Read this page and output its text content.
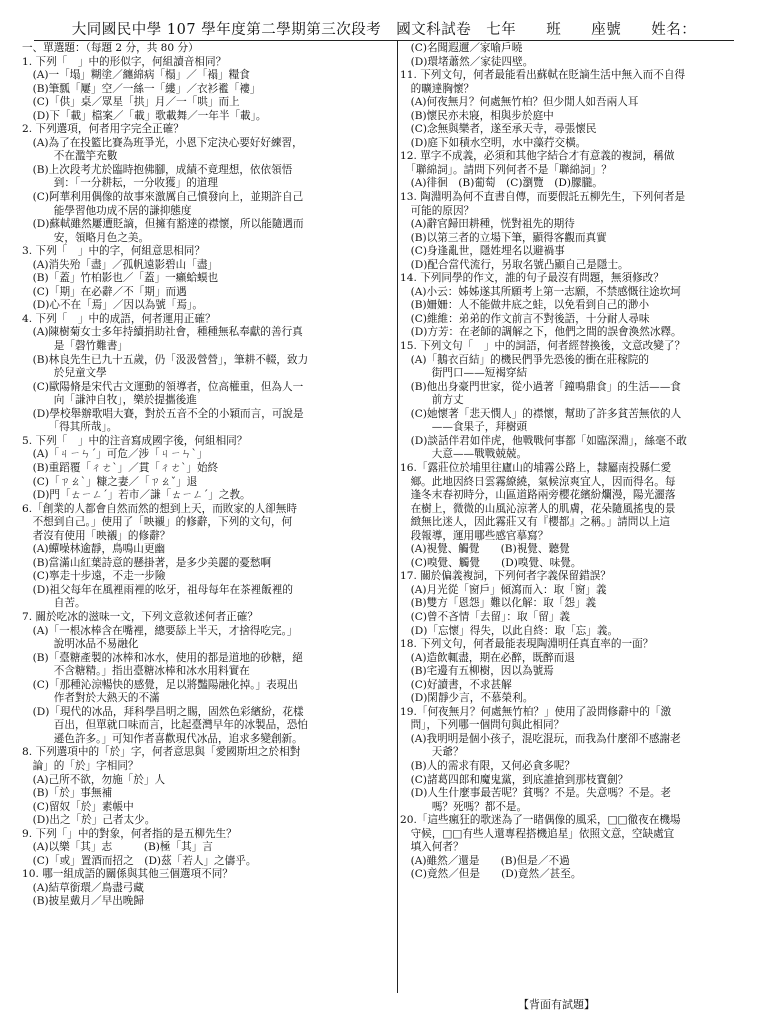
大同國民中學 107 學年度第二學期第三次段考　國文科試卷　七年　　班　　座號　　姓名：
一、單選題：（每題 2 分，共 80 分）
1. 下列「　」中的形似字，何組讀音相同？
　(A)一「塌」糊塗／纏綿病「榻」／「褟」糧食
　(B)筆瓢「屢」空／一絲一「縷」／衣衫襤「褸」
　(C)「供」桌／眾星「拱」月／一「哄」而上
　(D)下「載」檔案／「載」歌載舞／一年半「載」。
2. 下列選項，何者用字完全正確？
　(A)為了在投籃比賽為班爭光，小恩下定決心要好好練習，
　　　不在濫竽充數
　(B)上次段考尤於臨時抱佛腳，成績不竟理想，依依領悟
　　　到：「一分耕耘，一分收獲」的道理
　(C)阿華利用偶像的故事來激厲自己憤發向上，並期許自己
　　　能學習他功成不居的謙抑態度
　(D)蘇軾雖然屢遭貶謫，但擁有豁達的襟懷，所以能隨遇而
　　　安，領略月色之美。
3. 下列「　」中的字，何組意思相同？
　(A)消失殆「盡」／孤帆遠影碧山「盡」
　(B)「蓋」竹柏影也／「蓋」一癩蛤蟆也
　(C)「期」在必辭／不「期」而遇
　(D)心不在「焉」／因以為號「焉」。
4. 下列「　」中的成語，何者運用正確？
　(A)陳樹菊女士多年持續捐助社會，種種無私奉獻的善行真
　　　是「磬竹難書」
　(B)林良先生已九十五歲，仍「汲汲營營」，筆耕不輟，致力
　　　於兒童文學
　(C)歐陽脩是宋代古文運動的領導者，位高權重，但為人一
　　　向「謙沖自牧」，樂於提攜後進
　(D)學校舉辦歌唱大賽，對於五音不全的小穎而言，可說是
　　　「得其所哉」。
5. 下列「　」中的注音寫成國字後，何組相同？
　(A)「ㄐㄧㄣˊ」可危／涉「ㄐㄧㄣˋ」
　(B)重蹈覆「ㄔㄜˋ」／貫「ㄔㄜˋ」始終
　(C)「ㄗㄠˋ」糠之妻／「ㄗㄠˇ」退
　(D)門「ㄊㄧㄥˊ」若市／謙「ㄊㄧㄥˊ」之教。
6.「創業的人都會自然而然的想到上天，而敗家的人卻無時
　不想到自己。」使用了「映襯」的修辭，下列的文句，何
　者沒有使用「映襯」的修辭？
　(A)蟬噪林逾靜，鳥鳴山更幽
　(B)當滿山紅葉詩意的懸掛著，是多少美麗的憂愁啊
　(C)寧走十步遠，不走一步險
　(D)祖父每年在風裡雨裡的吆牙，祖母每年在茶裡飯裡的
　　　自苦。
7. 關於吃冰的滋味一文，下列文意敘述何者正確？
　(A)「一根冰棒含在嘴裡，總要舔上半天，才捨得吃完。」
　　　說明冰品不易融化
　(B)「臺糖產製的冰棒和冰水，使用的都是道地的砂糖，絕
　　　不含糖精。」指出臺糖冰棒和冰水用料實在
　(C)「那種沁涼暢快的感覺，足以將豔陽融化掉。」表現出
　　　作者對於大熱天的不滿
　(D)「現代的冰品，拜科學昌明之賜，固然色彩繽紛，花樣
　　　百出，但單就口味而言，比起臺灣早年的冰製品，恐怕
　　　遜色許多。」可知作者喜歡現代冰品，追求多變創新。
8. 下列選項中的「於」字，何者意思與「愛國斯坦之於相對
　論」的「於」字相同？
　(A)己所不欲，勿施「於」人
　(B)「於」事無補
　(C)留奴「於」素帳中
　(D)出之「於」己者太少。
9. 下列「」中的對象，何者指的是五柳先生？
　(A)以樂「其」志　　　(B)極「其」言
　(C)「或」置酒而招之　(D)茲「若人」之儔乎。
10. 哪一組成語的關係與其他三個選項不同？
　(A)結草銜環／鳥盡弓藏
　(B)披星戴月／早出晚歸
　(C)名聞遐邇／家喻戶曉
　(D)環堵蕭然／家徒四壁。
11. 下列文句，何者最能看出蘇軾在貶謫生活中無入而不自得
　的曠達胸懷？
　(A)何夜無月？何處無竹柏？但少閒人如吾兩人耳
　(B)懷民亦未寢，相與步於庭中
　(C)念無與樂者，遂至承天寺，尋張懷民
　(D)庭下如積水空明，水中藻荇交橫。
12. 單字不成義，必須和其他字結合才有意義的複詞，稱做
　「聯綿詞」。請問下列何者不是「聯綿詞」？
　(A)徘徊　(B)葡萄　(C)瀏覽　(D)朦朧。
13. 陶淵明為何不直書自傳，而要假託五柳先生，下列何者是
　可能的原因？
　(A)辭官歸田耕種，恍對祖先的期待
　(B)以第三者的立場下筆，顯得客觀而真實
　(C)身逢亂世，隱姓埋名以避禍事
　(D)配合當代流行，另取名號凸顯自己是隱士。
14. 下列同學的作文，誰的句子最沒有問題，無須修改？
　(A)小云：姊姊遂其所願考上第一志願，不禁感慨往途坎坷
　(B)姍姍：人不能做井底之蛙，以免看到自己的渺小
　(C)維維：弟弟的作文前言不對後語，十分耐人尋味
　(D)方芳：在老師的調解之下，他們之間的誤會渙然冰釋。
15. 下列文句「　」中的詞語，何者經替換後，文意改變了？
　(A)「鵝衣百結」的機民們爭先恐後的衝在莊稼院的
　　　街門口——短褐穿結
　(B)他出身豪門世家，從小過著「鐘鳴鼎食」的生活——食
　　　前方丈
　(C)她懷著「悲天憫人」的襟懷，幫助了許多貧苦無依的人
　　　——食果子，拜樹頭
　(D)談話伴君如伴虎，他戰戰何事都「如臨深淵」，絲毫不敢
　　　大意——戰戰兢兢。
16.「露莊位於埔里往廬山的埔霧公路上，隸屬南投縣仁愛
　鄉。此地因終日雲霧繚繞，氣候涼爽宜人，因而得名。每
　逢冬末春初時分，山區道路兩旁櫻花繽紛爛漫，陽光灑落
　在樹上，微微的山風沁涼著人的肌膚，花朵隨風搖曳的景
　緻無比迷人，因此霧莊又有『櫻都』之稱。」請問以上這
　段報導，運用哪些感官摹寫？
　(A)視覺、觸覺　　(B)視覺、聽覺
　(C)嗅覺、觸覺　　(D)嗅覺、味覺。
17. 關於偏義複詞，下列何者字義保留錯誤？
　(A)月光從「窗戶」傾瀉而入：取「窗」義
　(B)雙方「恩怨」難以化解：取「怨」義
　(C)曾不吝情「去留」：取「留」義
　(D)「忘懷」得失，以此自終：取「忘」義。
18. 下列文句，何者最能表現陶淵明任真直率的一面？
　(A)造飲輒盡，期在必醉，既醉而退
　(B)宅邊有五柳樹，因以為號焉
　(C)好讀書，不求甚解
　(D)閑靜少言，不慕榮利。
19.「何夜無月？何處無竹柏？」使用了設問修辭中的「激
　問」，下列哪一個問句與此相同？
　(A)我明明是個小孩子，混吃混玩，而我為什麼卻不感謝老
　　　天爺？
　(B)人的需求有限，又何必貪多呢？
　(C)諸葛四郎和魔鬼黨，到底誰搶到那枝寶劍？
　(D)人生什麼事最苦呢？貧嗎？不是。失意嗎？不是。老
　　　嗎？死嗎？都不是。
20.「這些瘋狂的歌迷為了一睹偶像的風采，□□徹夜在機場
　守候，□□有些人還專程搭機追星」依照文意，空缺處宜
　填入何者？
　(A)雖然／還是　　(B)但是／不過
　(C)竟然／但是　　(D)竟然／甚至。
【背面有試題】
